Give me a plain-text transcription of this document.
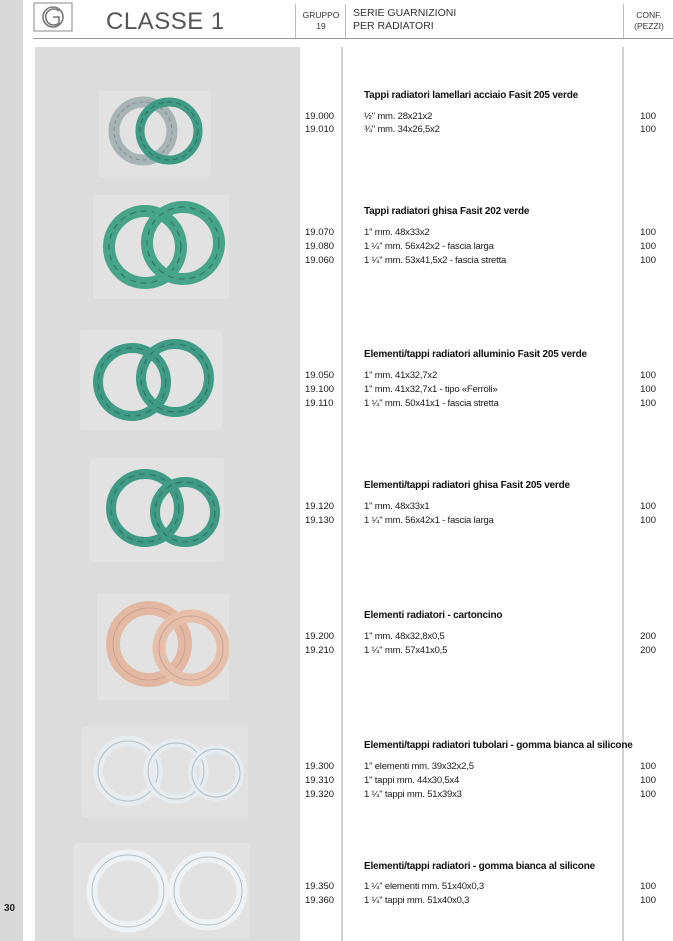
30
CLASSE 1	GRUPPO
19
SERIE GUARNIZIONI
PER RADIATORI
CONF.
(PEZZI)
Tappi radiatori lamellari acciaio Fasit 205 verde
19.000	½" mm. 28x21x2	100
19.010	¾" mm. 34x26,5x2	100
Tappi radiatori ghisa Fasit 202 verde
19.070	1" mm. 48x33x2	100
19.080	1 ¼" mm. 56x42x2 - fascia larga	100
19.060	1 ¼" mm. 53x41,5x2 - fascia stretta	100
Elementi/tappi radiatori alluminio Fasit 205 verde
19.050	1" mm. 41x32,7x2	100
19.100	1" mm. 41x32,7x1 - tipo «Ferroli»	100
19.110	1 ¼" mm. 50x41x1 - fascia stretta	100
Elementi/tappi radiatori ghisa Fasit 205 verde
19.120	1" mm. 48x33x1	100
19.130	1 ¼" mm. 56x42x1 - fascia larga	100
Elementi radiatori - cartoncino
19.200	1" mm. 48x32,8x0,5	200
19.210	1 ¼" mm. 57x41x0,5	200
Elementi/tappi radiatori tubolari - gomma bianca al silicone
19.300	1" elementi mm. 39x32x2,5	100
19.310	1" tappi mm. 44x30,5x4	100
19.320	1 ¼" tappi mm. 51x39x3	100
Elementi/tappi radiatori - gomma bianca al silicone
19.350	1 ¼" elementi mm. 51x40x0,3	100
19.360	1 ¼" tappi mm. 51x40x0,3	100
